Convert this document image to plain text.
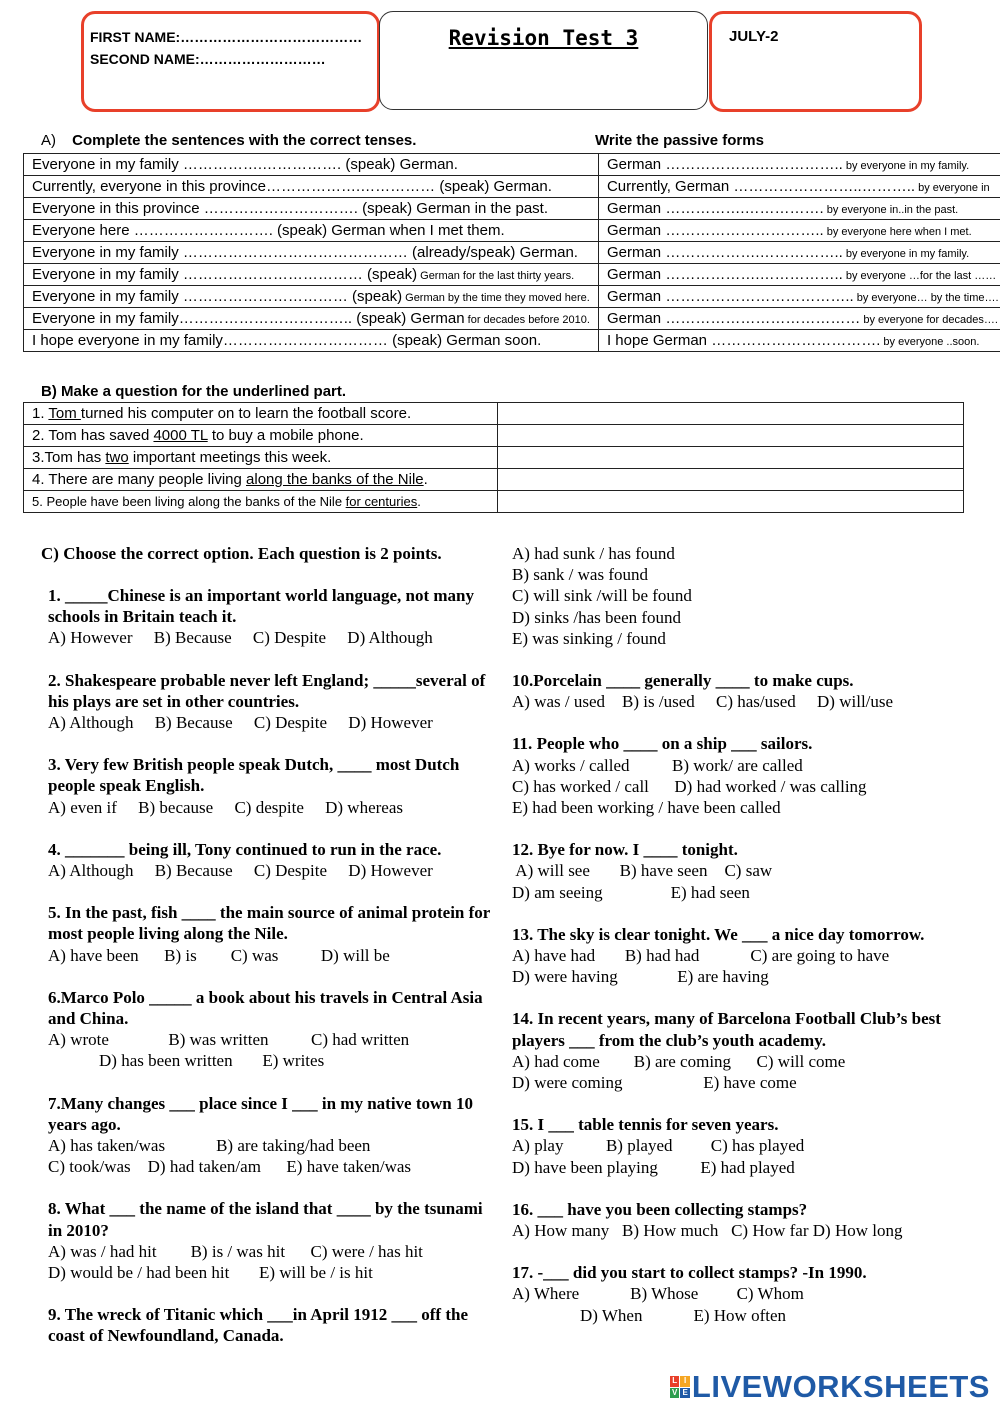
FIRST NAME:…………………………………
SECOND NAME:………………………
Revision Test 3	JULY-2
A) Complete the sentences with the correct tenses.	Write the passive forms
Everyone in my family …………….……………. (speak) German.	German ……………….…………….. by everyone in my family.
Currently, everyone in this province……………….…………… (speak) German.	Currently, German ……………………..……….. by everyone in
Everyone in this province …………………………. (speak) German in the past.	German …………….……………. by everyone in..in the past.
Everyone here ………………………. (speak) German when I met them.	German ………………………….. by everyone here when I met.
Everyone in my family ……………………………………… (already/speak) German.	German ……………….…………….. by everyone in my family.
Everyone in my family ……………………………… (speak) German for the last thirty years.	German ……………….…………….. by everyone …for the last ……
Everyone in my family …………………………… (speak) German by the time they moved here.	German ……………………………….. by everyone… by the time….
Everyone in my family…………………………….. (speak) German for decades before 2010.	German ………………………………… by everyone for decades….
I hope everyone in my family…………………………… (speak) German soon.	I hope German ……………………………. by everyone ..soon.
B) Make a question for the underlined part.
1. Tom turned his computer on to learn the football score.	
2. Tom has saved 4000 TL to buy a mobile phone.	
3.Tom has two important meetings this week.	
4. There are many people living along the banks of the Nile.	
5. People have been living along the banks of the Nile for centuries.	
C) Choose the correct option. Each question is 2 points.
1. _____Chinese is an important world language, not many schools in Britain teach it.
A) However     B) Because     C) Despite     D) Although
2. Shakespeare probable never left England; _____several of his plays are set in other countries.
A) Although     B) Because     C) Despite     D) However
3. Very few British people speak Dutch, ____ most Dutch people speak English.
A) even if     B) because     C) despite     D) whereas
4. _______ being ill, Tony continued to run in the race.
A) Although     B) Because     C) Despite     D) However
5. In the past, fish ____ the main source of animal protein for most people living along the Nile.
A) have been      B) is        C) was          D) will be
6.Marco Polo _____ a book about his travels in Central Asia and China.
A) wrote              B) was written          C) had written
D) has been written       E) writes
7.Many changes ___ place since I ___ in my native town 10 years ago.
A) has taken/was            B) are taking/had been
C) took/was    D) had taken/am      E) have taken/was
8. What ___ the name of the island that ____ by the tsunami in 2010?
A) was / had hit        B) is / was hit      C) were / has hit
D) would be / had been hit       E) will be / is hit
9. The wreck of Titanic which ___in April 1912 ___ off the coast of Newfoundland, Canada.
A) had sunk / has found
B) sank / was found
C) will sink /will be found
D) sinks /has been found
E) was sinking / found
10.Porcelain ____ generally ____ to make cups.
A) was / used    B) is /used     C) has/used     D) will/use
11. People who ____ on a ship ___ sailors.
A) works / called          B) work/ are called
C) has worked / call      D) had worked / was calling
E) had been working / have been called
12. Bye for now. I ____ tonight.
A) will see       B) have seen    C) saw
D) am seeing                E) had seen
13. The sky is clear tonight. We ___ a nice day tomorrow.
A) have had       B) had had            C) are going to have
D) were having              E) are having
14. In recent years, many of Barcelona Football Club’s best players ___ from the club’s youth academy.
A) had come        B) are coming      C) will come
D) were coming                   E) have come
15. I ___ table tennis for seven years.
A) play          B) played         C) has played
D) have been playing          E) had played
16. ___ have you been collecting stamps?
A) How many   B) How much   C) How far D) How long
17. -___ did you start to collect stamps? -In 1990.
A) Where            B) Whose         C) Whom
D) When            E) How often
L I
V E LIVEWORKSHEETS
